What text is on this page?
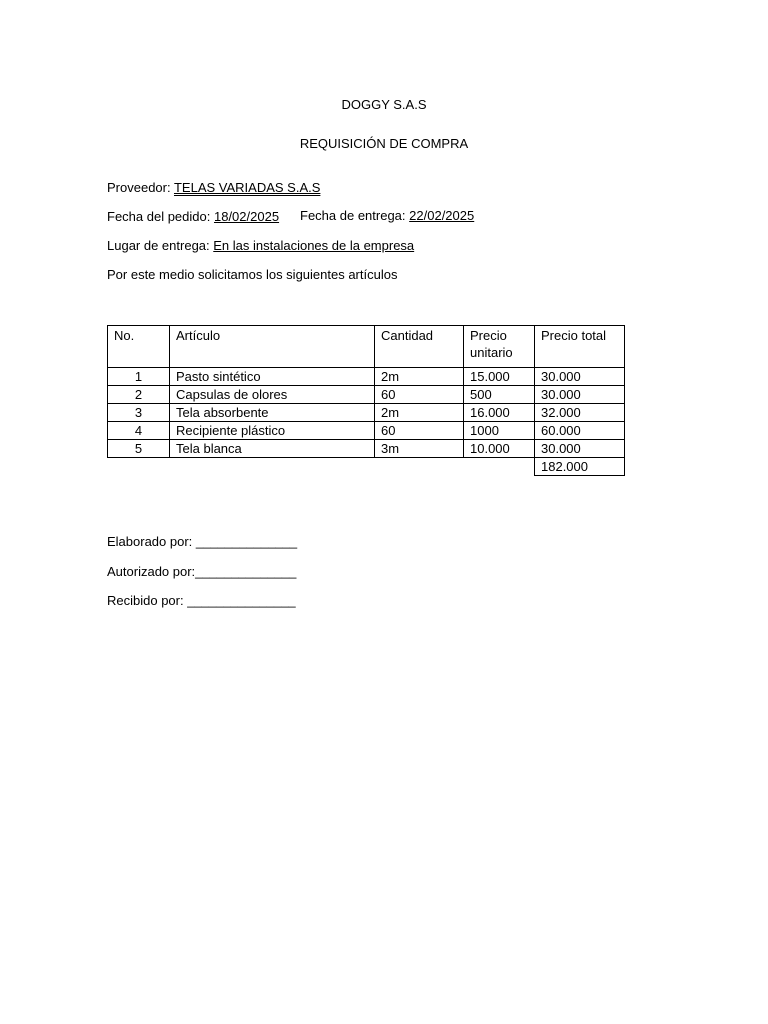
DOGGY S.A.S
REQUISICIÓN DE COMPRA
Proveedor: TELAS VARIADAS S.A.S
Fecha del pedido: 18/02/2025 Fecha de entrega: 22/02/2025
Lugar de entrega: En las instalaciones de la empresa
Por este medio solicitamos los siguientes artículos
No.	Artículo	Cantidad	Precio unitario	Precio total
1	Pasto sintético	2m	15.000	30.000
2	Capsulas de olores	60	500	30.000
3	Tela absorbente	2m	16.000	32.000
4	Recipiente plástico	60	1000	60.000
5	Tela blanca	3m	10.000	30.000
				182.000
Elaborado por: ______________
Autorizado por:______________
Recibido por: _______________
